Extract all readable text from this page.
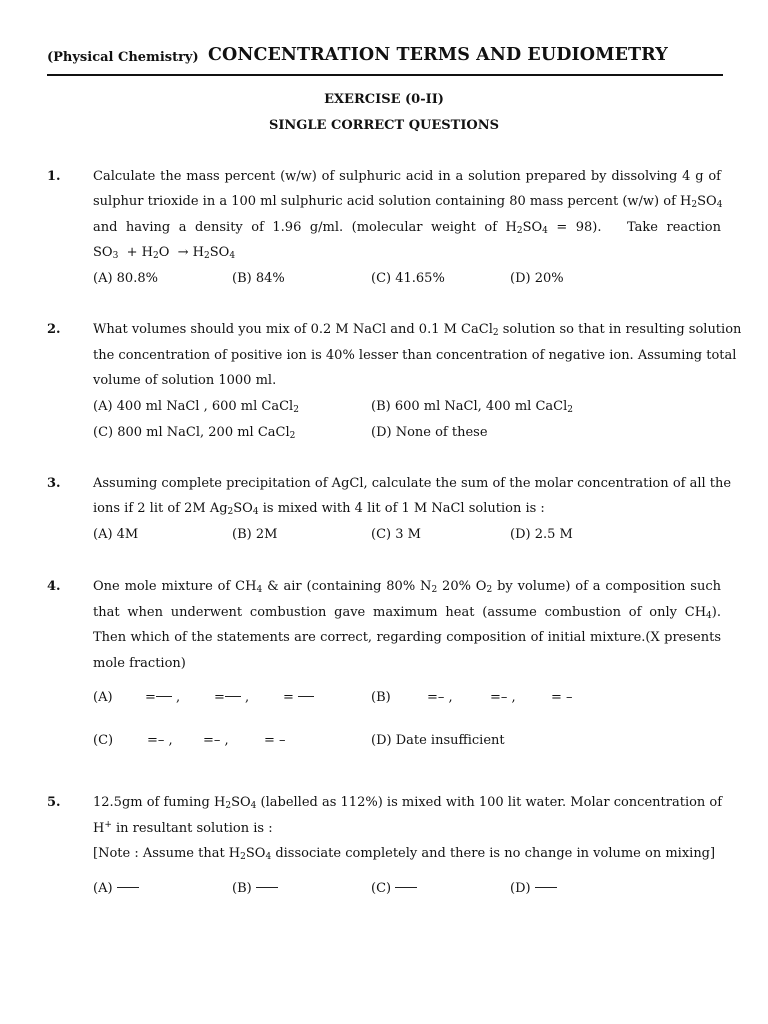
(Physical Chemistry) CONCENTRATION TERMS AND EUDIOMETRY
EXERCISE (0-II)
SINGLE CORRECT QUESTIONS
1. Calculate the mass percent (w/w) of sulphuric acid in a solution prepared by dissolving 4 g of
sulphur trioxide in a 100 ml sulphuric acid solution containing 80 mass percent (w/w) of $H_2SO_4$
and having a density of 1.96 g/ml. (molecular weight of $H_2SO_4 = 98$). Take reaction
$SO_3 + H_2O \to H_2SO_4$
(A) 80.8%	(B) 84%	(C) 41.65%	(D) 20%
2. What volumes should you mix of 0.2 M NaCl and 0.1 M CaCl$_2$ solution so that in resulting solution
the concentration of positive ion is 40% lesser than concentration of negative ion. Assuming total
volume of solution 1000 ml.
(A) 400 ml NaCl , 600 ml CaCl$_2$	(B) 600 ml NaCl, 400 ml CaCl$_2$
(C) 800 ml NaCl, 200 ml CaCl$_2$	(D) None of these
3. Assuming complete precipitation of AgCl, calculate the sum of the molar concentration of all the
ions if 2 lit of 2M $Ag_2SO_4$ is mixed with 4 lit of 1 M NaCl solution is :
(A) 4M	(B) 2M	(C) 3 M	(D) 2.5 M
4. One mole mixture of $CH_4$ & air (containing 80% $N_2$ 20% $O_2$ by volume) of a composition such
that when underwent combustion gave maximum heat (assume combustion of only $CH_4$).
Then which of the statements are correct, regarding composition of initial mixture.(X presents
mole fraction)
(A) = ,	= ,	=	(B)	=– ,	=– ,	= –
(C)	=– , =– ,	= –	(D) Date insufficient
5. 12.5gm of fuming $H_2SO_4$ (labelled as 112%) is mixed with 100 lit water. Molar concentration of
H+ in resultant solution is :
[Note : Assume that $H_2SO_4$ dissociate completely and there is no change in volume on mixing]
(A)	(B)	(C)	(D)
